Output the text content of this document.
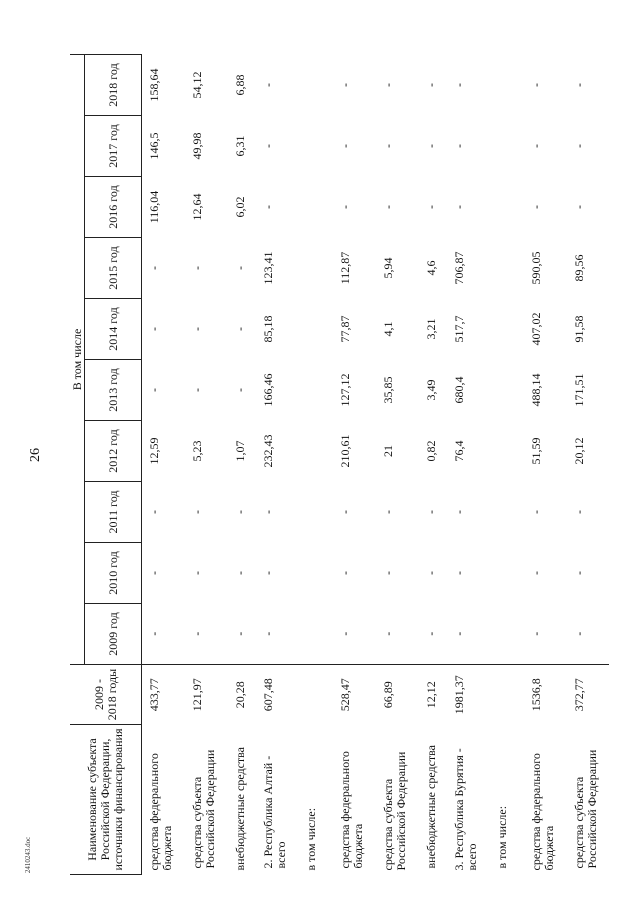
26
2410243.doc	Наименование субъекта Российской Федерации, источники финансирования	2009 - 2018 годы	В том числе									
		2009 год	2010 год	2011 год	2012 год	2013 год	2014 год	2015 год	2016 год	2017 год	2018 год
средства федерального бюджета	433,77	-	-	-	12,59	-	-	-	116,04	146,5	158,64
средства субъекта Российской Федерации	121,97	-	-	-	5,23	-	-	-	12,64	49,98	54,12
внебюджетные средства	20,28	-	-	-	1,07	-	-	-	6,02	6,31	6,88
2. Республика Алтай - всего	607,48	-	-	-	232,43	166,46	85,18	123,41	-	-	-
в том числе:											
средства федерального бюджета	528,47	-	-	-	210,61	127,12	77,87	112,87	-	-	-
средства субъекта Российской Федерации	66,89	-	-	-	21	35,85	4,1	5,94	-	-	-
внебюджетные средства	12,12	-	-	-	0,82	3,49	3,21	4,6	-	-	-
3. Республика Бурятия - всего	1981,37	-	-	-	76,4	680,4	517,7	706,87	-	-	-
в том числе:											
средства федерального бюджета	1536,8	-	-	-	51,59	488,14	407,02	590,05	-	-	-
средства субъекта Российской Федерации	372,77	-	-	-	20,12	171,51	91,58	89,56	-	-	-
